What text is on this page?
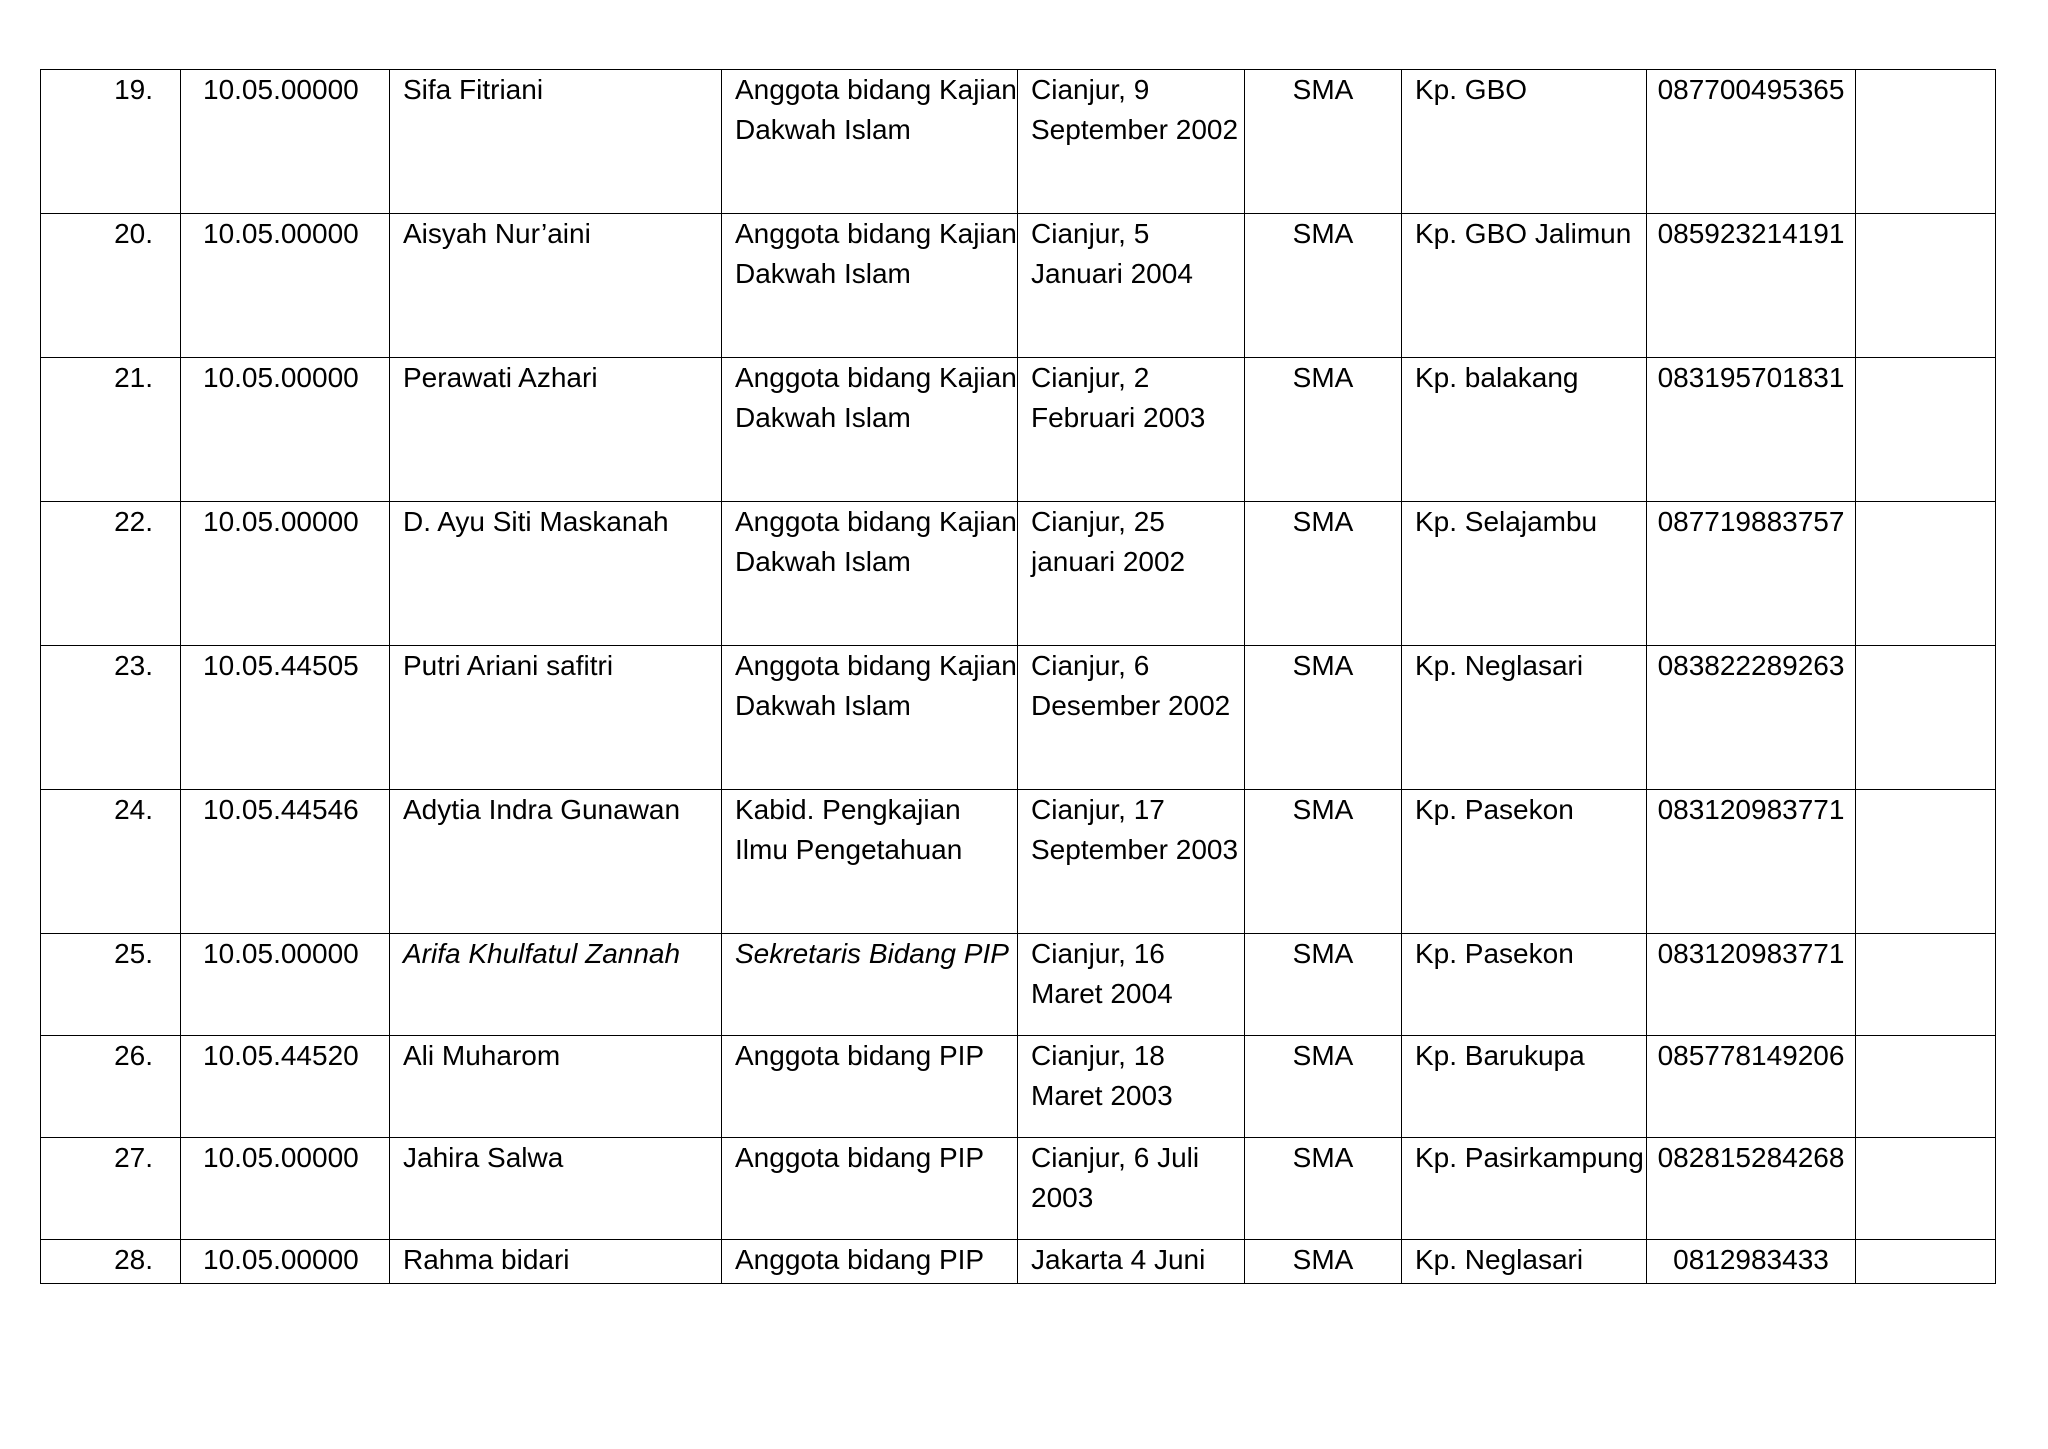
19.	10.05.00000	Sifa Fitriani	Anggota bidang Kajian Dakwah Islam	Cianjur, 9 September 2002	SMA	Kp. GBO	087700495365	
20.	10.05.00000	Aisyah Nur’aini	Anggota bidang Kajian Dakwah Islam	Cianjur, 5 Januari 2004	SMA	Kp. GBO Jalimun	085923214191	
21.	10.05.00000	Perawati Azhari	Anggota bidang Kajian Dakwah Islam	Cianjur, 2 Februari 2003	SMA	Kp. balakang	083195701831	
22.	10.05.00000	D. Ayu Siti Maskanah	Anggota bidang Kajian Dakwah Islam	Cianjur, 25 januari 2002	SMA	Kp. Selajambu	087719883757	
23.	10.05.44505	Putri Ariani safitri	Anggota bidang Kajian Dakwah Islam	Cianjur, 6 Desember 2002	SMA	Kp. Neglasari	083822289263	
24.	10.05.44546	Adytia Indra Gunawan	Kabid. Pengkajian Ilmu Pengetahuan	Cianjur, 17 September 2003	SMA	Kp. Pasekon	083120983771	
25.	10.05.00000	Arifa Khulfatul Zannah	Sekretaris Bidang PIP	Cianjur, 16 Maret 2004	SMA	Kp. Pasekon	083120983771	
26.	10.05.44520	Ali Muharom	Anggota bidang PIP	Cianjur, 18 Maret 2003	SMA	Kp. Barukupa	085778149206	
27.	10.05.00000	Jahira Salwa	Anggota bidang PIP	Cianjur, 6 Juli 2003	SMA	Kp. Pasirkampung	082815284268	
28.	10.05.00000	Rahma bidari	Anggota bidang PIP	Jakarta 4 Juni	SMA	Kp. Neglasari	0812983433	
